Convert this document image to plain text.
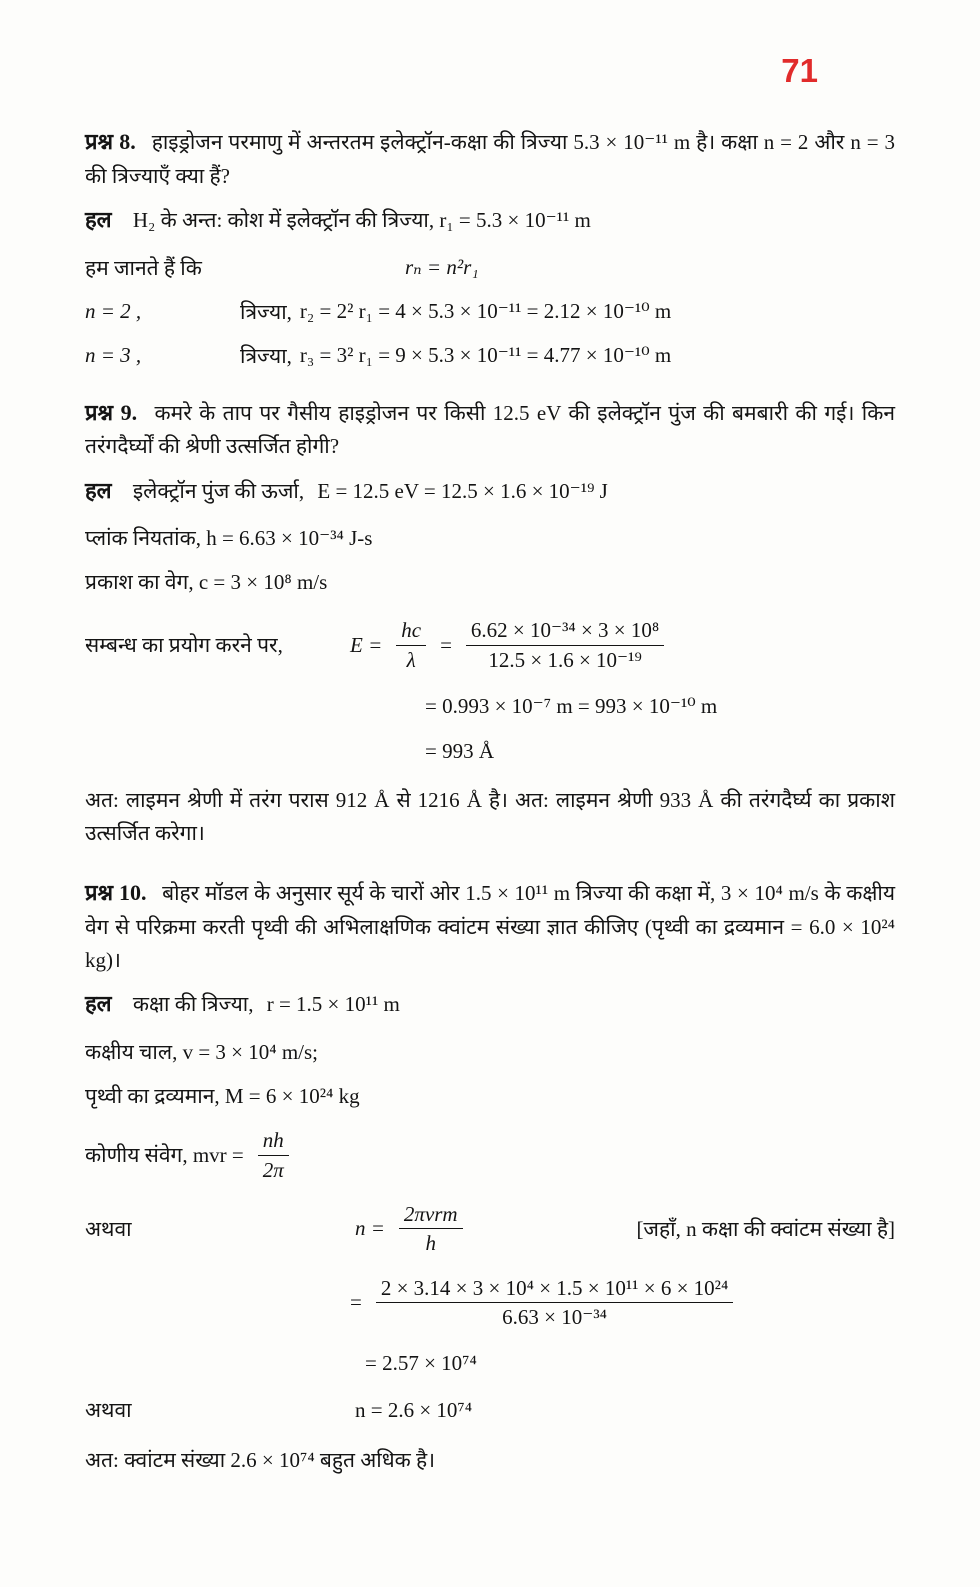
71

प्रश्न 8. हाइड्रोजन परमाणु में अन्तरतम इलेक्ट्रॉन-कक्षा की त्रिज्या 5.3 × 10⁻¹¹ m है। कक्षा n = 2 और n = 3 की त्रिज्याएँ क्या हैं?

हल H₂ के अन्त: कोश में इलेक्ट्रॉन की त्रिज्या, r₁ = 5.3 × 10⁻¹¹ m

हम जानते हैं कि	rₙ = n²r₁
n = 2 ,	त्रिज्या, r₂ = 2² r₁ = 4 × 5.3 × 10⁻¹¹ = 2.12 × 10⁻¹⁰ m
n = 3 ,	त्रिज्या, r₃ = 3² r₁ = 9 × 5.3 × 10⁻¹¹ = 4.77 × 10⁻¹⁰ m

प्रश्न 9. कमरे के ताप पर गैसीय हाइड्रोजन पर किसी 12.5 eV की इलेक्ट्रॉन पुंज की बमबारी की गई। किन तरंगदैर्घ्यों की श्रेणी उत्सर्जित होगी?

हल इलेक्ट्रॉन पुंज की ऊर्जा, E = 12.5 eV = 12.5 × 1.6 × 10⁻¹⁹ J

प्लांक नियतांक, h = 6.63 × 10⁻³⁴ J-s
प्रकाश का वेग, c = 3 × 10⁸ m/s
सम्बन्ध का प्रयोग करने पर,	$E = \frac{hc}{\lambda} = \frac{\text{6.62 × 10⁻³⁴ × 3 × 10⁸}}{\text{12.5 × 1.6 × 10⁻¹⁹}}$
= 0.993 × 10⁻⁷ m = 993 × 10⁻¹⁰ m
= 993 Å

अत: लाइमन श्रेणी में तरंग परास 912 Å से 1216 Å है। अत: लाइमन श्रेणी 933 Å की तरंगदैर्घ्य का प्रकाश उत्सर्जित करेगा।

प्रश्न 10. बोहर मॉडल के अनुसार सूर्य के चारों ओर 1.5 × 10¹¹ m त्रिज्या की कक्षा में, 3 × 10⁴ m/s के कक्षीय वेग से परिक्रमा करती पृथ्वी की अभिलाक्षणिक क्वांटम संख्या ज्ञात कीजिए (पृथ्वी का द्रव्यमान = 6.0 × 10²⁴ kg)।

हल कक्षा की त्रिज्या, r = 1.5 × 10¹¹ m

कक्षीय चाल, v = 3 × 10⁴ m/s;
पृथ्वी का द्रव्यमान, M = 6 × 10²⁴ kg
कोणीय संवेग, mvr = $\frac{nh}{2\pi}$
अथवा	$n = \frac{\text{2πvrm}}{h}$	[जहाँ, n कक्षा की क्वांटम संख्या है]
= $\frac{\text{2 × 3.14 × 3 × 10⁴ × 1.5 × 10¹¹ × 6 × 10²⁴}}{\text{6.63 × 10⁻³⁴}}$
= 2.57 × 10⁷⁴
अथवा	n = 2.6 × 10⁷⁴

अत: क्वांटम संख्या 2.6 × 10⁷⁴ बहुत अधिक है।
